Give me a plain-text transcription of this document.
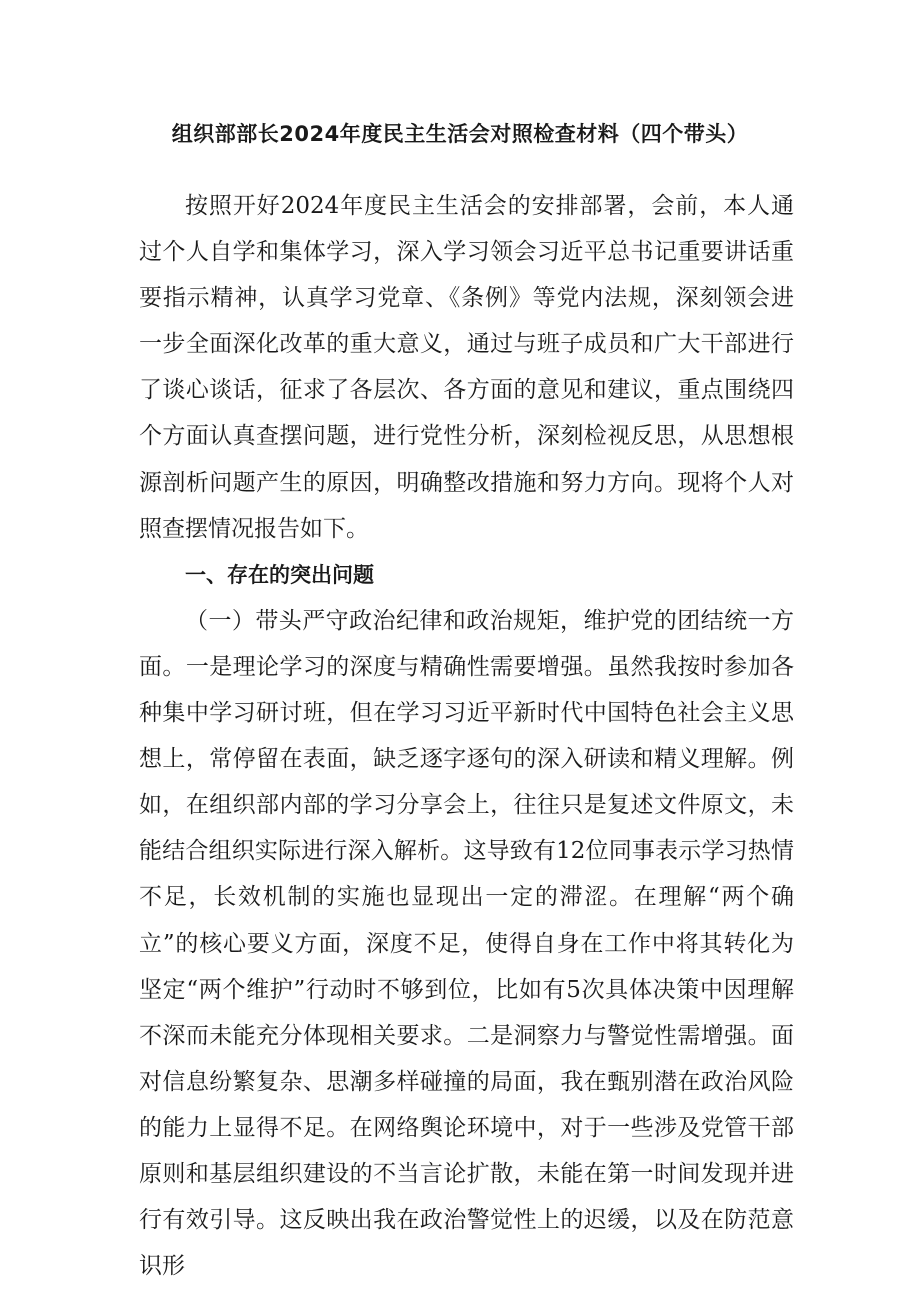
组织部部长2024年度民主生活会对照检查材料（四个带头）

按照开好2024年度民主生活会的安排部署，会前，本人通过个人自学和集体学习，深入学习领会习近平总书记重要讲话重要指示精神，认真学习党章、《条例》等党内法规，深刻领会进一步全面深化改革的重大意义，通过与班子成员和广大干部进行了谈心谈话，征求了各层次、各方面的意见和建议，重点围绕四个方面认真查摆问题，进行党性分析，深刻检视反思，从思想根源剖析问题产生的原因，明确整改措施和努力方向。现将个人对照查摆情况报告如下。

一、存在的突出问题

（一）带头严守政治纪律和政治规矩，维护党的团结统一方面。一是理论学习的深度与精确性需要增强。虽然我按时参加各种集中学习研讨班，但在学习习近平新时代中国特色社会主义思想上，常停留在表面，缺乏逐字逐句的深入研读和精义理解。例如，在组织部内部的学习分享会上，往往只是复述文件原文，未能结合组织实际进行深入解析。这导致有12位同事表示学习热情不足，长效机制的实施也显现出一定的滞涩。在理解“两个确立”的核心要义方面，深度不足，使得自身在工作中将其转化为坚定“两个维护”行动时不够到位，比如有5次具体决策中因理解不深而未能充分体现相关要求。二是洞察力与警觉性需增强。面对信息纷繁复杂、思潮多样碰撞的局面，我在甄别潜在政治风险的能力上显得不足。在网络舆论环境中，对于一些涉及党管干部原则和基层组织建设的不当言论扩散，未能在第一时间发现并进行有效引导。这反映出我在政治警觉性上的迟缓，以及在防范意识形
